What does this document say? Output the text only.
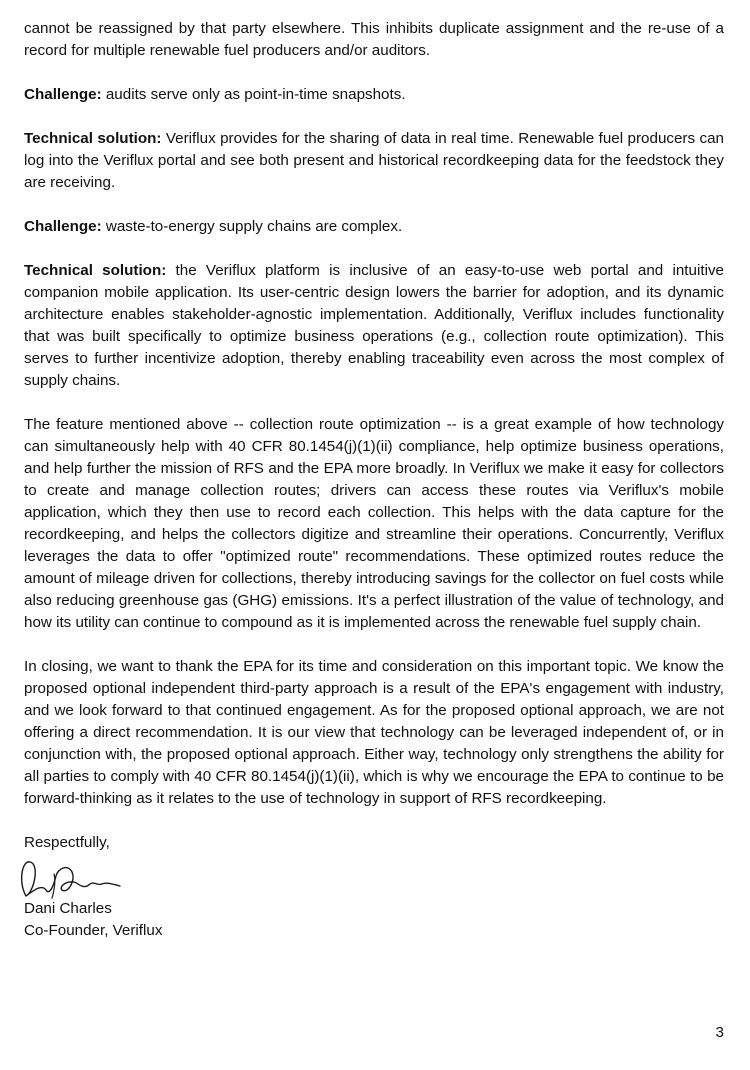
cannot be reassigned by that party elsewhere. This inhibits duplicate assignment and the re-use of a record for multiple renewable fuel producers and/or auditors.

Challenge: audits serve only as point-in-time snapshots.

Technical solution: Veriflux provides for the sharing of data in real time. Renewable fuel producers can log into the Veriflux portal and see both present and historical recordkeeping data for the feedstock they are receiving.

Challenge: waste-to-energy supply chains are complex.

Technical solution: the Veriflux platform is inclusive of an easy-to-use web portal and intuitive companion mobile application. Its user-centric design lowers the barrier for adoption, and its dynamic architecture enables stakeholder-agnostic implementation. Additionally, Veriflux includes functionality that was built specifically to optimize business operations (e.g., collection route optimization). This serves to further incentivize adoption, thereby enabling traceability even across the most complex of supply chains.

The feature mentioned above -- collection route optimization -- is a great example of how technology can simultaneously help with 40 CFR 80.1454(j)(1)(ii) compliance, help optimize business operations, and help further the mission of RFS and the EPA more broadly. In Veriflux we make it easy for collectors to create and manage collection routes; drivers can access these routes via Veriflux's mobile application, which they then use to record each collection. This helps with the data capture for the recordkeeping, and helps the collectors digitize and streamline their operations. Concurrently, Veriflux leverages the data to offer "optimized route" recommendations. These optimized routes reduce the amount of mileage driven for collections, thereby introducing savings for the collector on fuel costs while also reducing greenhouse gas (GHG) emissions. It's a perfect illustration of the value of technology, and how its utility can continue to compound as it is implemented across the renewable fuel supply chain.

In closing, we want to thank the EPA for its time and consideration on this important topic. We know the proposed optional independent third-party approach is a result of the EPA's engagement with industry, and we look forward to that continued engagement. As for the proposed optional approach, we are not offering a direct recommendation. It is our view that technology can be leveraged independent of, or in conjunction with, the proposed optional approach. Either way, technology only strengthens the ability for all parties to comply with 40 CFR 80.1454(j)(1)(ii), which is why we encourage the EPA to continue to be forward-thinking as it relates to the use of technology in support of RFS recordkeeping.

Respectfully,

Dani Charles

Co-Founder, Veriflux

3
